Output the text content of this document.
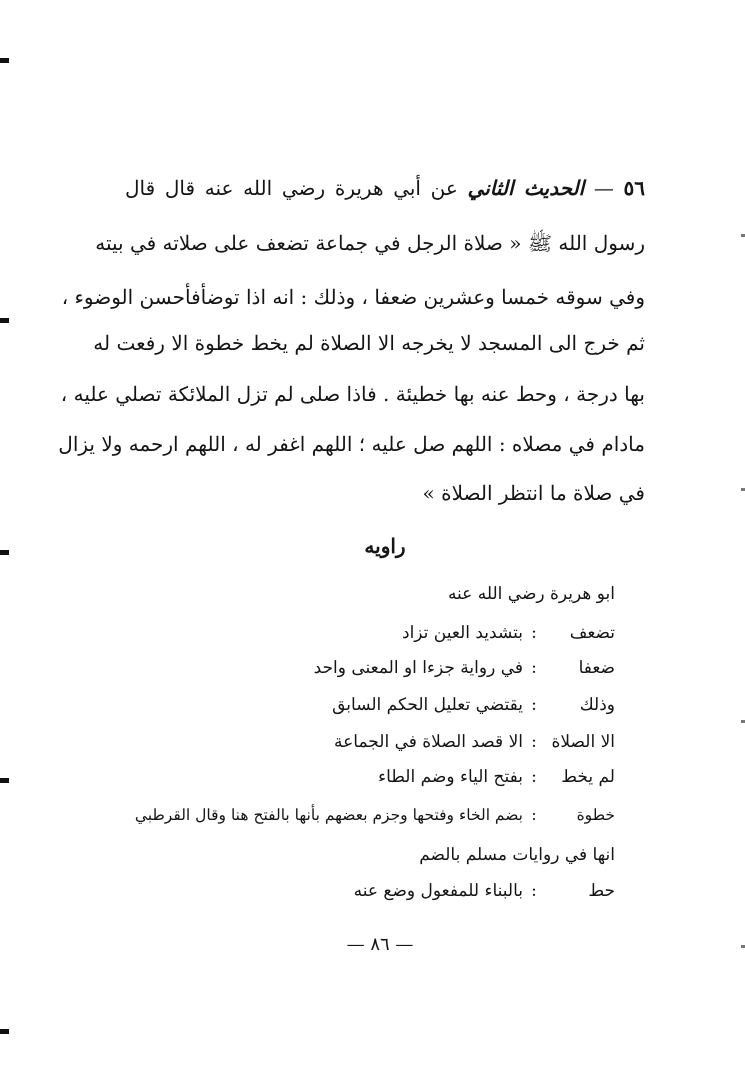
٥٦ — الحديث الثاني عن أبي هريرة رضي الله عنه قال قال
رسول الله ﷺ « صلاة الرجل في جماعة تضعف على صلاته في بيته
وفي سوقه خمسا وعشرين ضعفا ، وذلك : انه اذا توضأفأحسن الوضوء ،
ثم خرج الى المسجد لا يخرجه الا الصلاة لم يخط خطوة الا رفعت له
بها درجة ، وحط عنه بها خطيئة . فاذا صلى لم تزل الملائكة تصلي عليه ،
مادام في مصلاه : اللهم صل عليه ؛ اللهم اغفر له ، اللهم ارحمه ولا يزال
في صلاة ما انتظر الصلاة »
راويه
ابو هريرة رضي الله عنه
تضعف:بتشديد العين تزاد
ضعفا:في رواية جزءا او المعنى واحد
وذلك:يقتضي تعليل الحكم السابق
الا الصلاة:الا قصد الصلاة في الجماعة
لم يخط:بفتح الياء وضم الطاء
خطوة:بضم الخاء وفتحها وجزم بعضهم بأنها بالفتح هنا وقال القرطبي
انها في روايات مسلم بالضم
حط:بالبناء للمفعول وضع عنه
— ٨٦ —
